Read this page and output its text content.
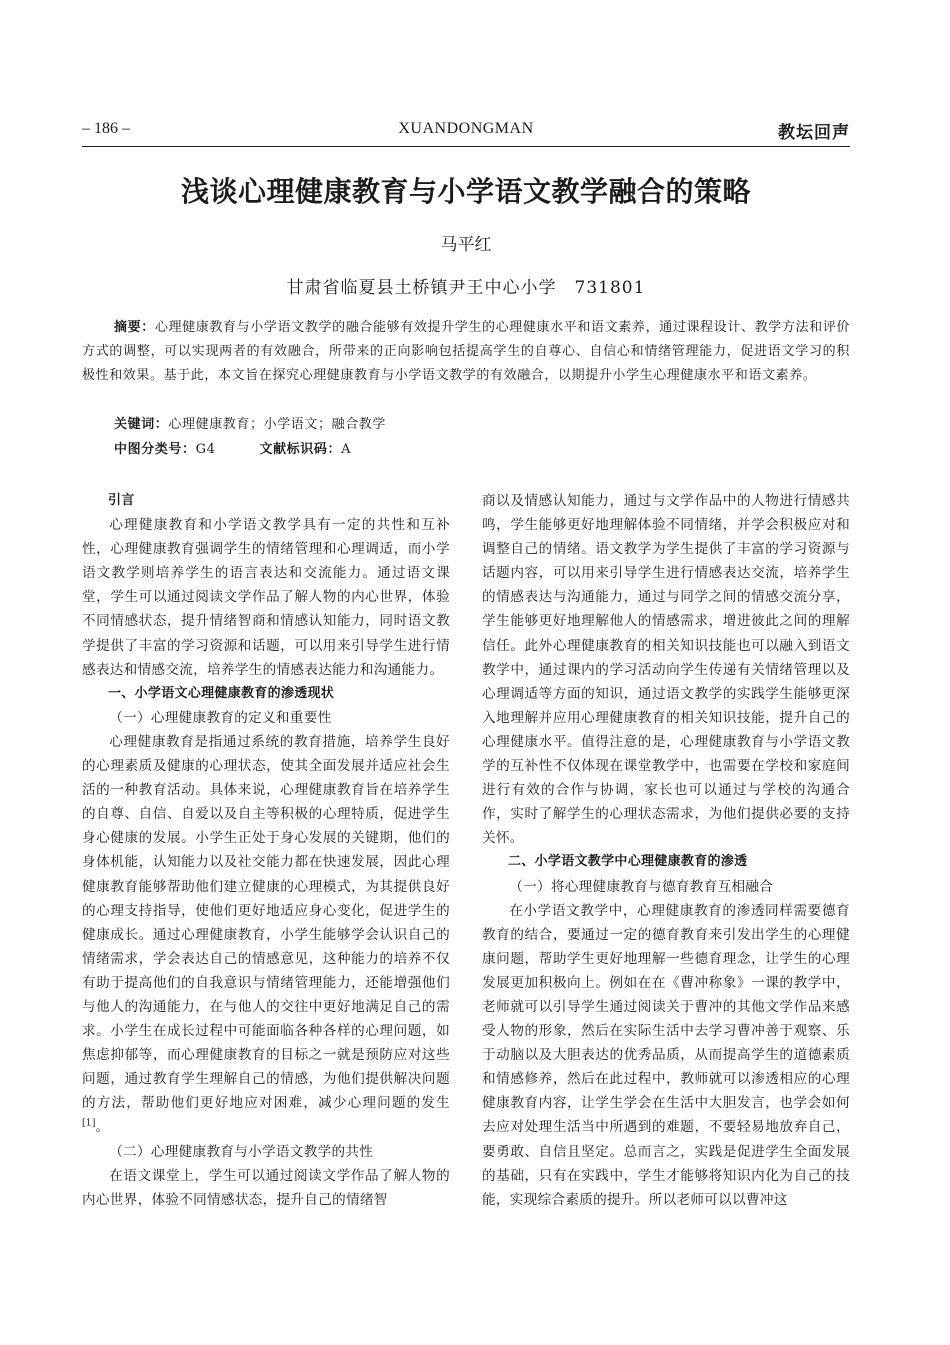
– 186 –	XUANDONGMAN	教坛回声
浅谈心理健康教育与小学语文教学融合的策略
马平红
甘肃省临夏县土桥镇尹王中心小学　731801
摘要：心理健康教育与小学语文教学的融合能够有效提升学生的心理健康水平和语文素养，通过课程设计、教学方法和评价方式的调整，可以实现两者的有效融合，所带来的正向影响包括提高学生的自尊心、自信心和情绪管理能力，促进语文学习的积极性和效果。基于此，本文旨在探究心理健康教育与小学语文教学的有效融合，以期提升小学生心理健康水平和语文素养。
关键词：心理健康教育；小学语文；融合教学
中图分类号：G4	文献标识码：A

引言

心理健康教育和小学语文教学具有一定的共性和互补性，心理健康教育强调学生的情绪管理和心理调适，而小学语文教学则培养学生的语言表达和交流能力。通过语文课堂，学生可以通过阅读文学作品了解人物的内心世界，体验不同情感状态，提升情绪智商和情感认知能力，同时语文教学提供了丰富的学习资源和话题，可以用来引导学生进行情感表达和情感交流，培养学生的情感表达能力和沟通能力。

一、小学语文心理健康教育的渗透现状

（一）心理健康教育的定义和重要性

心理健康教育是指通过系统的教育措施，培养学生良好的心理素质及健康的心理状态，使其全面发展并适应社会生活的一种教育活动。具体来说，心理健康教育旨在培养学生的自尊、自信、自爱以及自主等积极的心理特质，促进学生身心健康的发展。小学生正处于身心发展的关键期，他们的身体机能，认知能力以及社交能力都在快速发展，因此心理健康教育能够帮助他们建立健康的心理模式，为其提供良好的心理支持指导，使他们更好地适应身心变化，促进学生的健康成长。通过心理健康教育，小学生能够学会认识自己的情绪需求，学会表达自己的情感意见，这种能力的培养不仅有助于提高他们的自我意识与情绪管理能力，还能增强他们与他人的沟通能力，在与他人的交往中更好地满足自己的需求。小学生在成长过程中可能面临各种各样的心理问题，如焦虑抑郁等，而心理健康教育的目标之一就是预防应对这些问题，通过教育学生理解自己的情感，为他们提供解决问题的方法，帮助他们更好地应对困难，减少心理问题的发生[1]。

（二）心理健康教育与小学语文教学的共性

在语文课堂上，学生可以通过阅读文学作品了解人物的内心世界，体验不同情感状态，提升自己的情绪智

商以及情感认知能力，通过与文学作品中的人物进行情感共鸣，学生能够更好地理解体验不同情绪，并学会积极应对和调整自己的情绪。语文教学为学生提供了丰富的学习资源与话题内容，可以用来引导学生进行情感表达交流，培养学生的情感表达与沟通能力，通过与同学之间的情感交流分享，学生能够更好地理解他人的情感需求，增进彼此之间的理解信任。此外心理健康教育的相关知识技能也可以融入到语文教学中，通过课内的学习活动向学生传递有关情绪管理以及心理调适等方面的知识，通过语文教学的实践学生能够更深入地理解并应用心理健康教育的相关知识技能，提升自己的心理健康水平。值得注意的是，心理健康教育与小学语文教学的互补性不仅体现在课堂教学中，也需要在学校和家庭间进行有效的合作与协调，家长也可以通过与学校的沟通合作，实时了解学生的心理状态需求，为他们提供必要的支持关怀。

二、小学语文教学中心理健康教育的渗透

（一）将心理健康教育与德育教育互相融合

在小学语文教学中，心理健康教育的渗透同样需要德育教育的结合，要通过一定的德育教育来引发出学生的心理健康问题，帮助学生更好地理解一些德育理念，让学生的心理发展更加积极向上。例如在在《曹冲称象》一课的教学中，老师就可以引导学生通过阅读关于曹冲的其他文学作品来感受人物的形象，然后在实际生活中去学习曹冲善于观察、乐于动脑以及大胆表达的优秀品质，从而提高学生的道德素质和情感修养，然后在此过程中，教师就可以渗透相应的心理健康教育内容，让学生学会在生活中大胆发言，也学会如何去应对处理生活当中所遇到的难题，不要轻易地放弃自己，要勇敢、自信且坚定。总而言之，实践是促进学生全面发展的基础，只有在实践中，学生才能够将知识内化为自己的技能，实现综合素质的提升。所以老师可以以曹冲这
